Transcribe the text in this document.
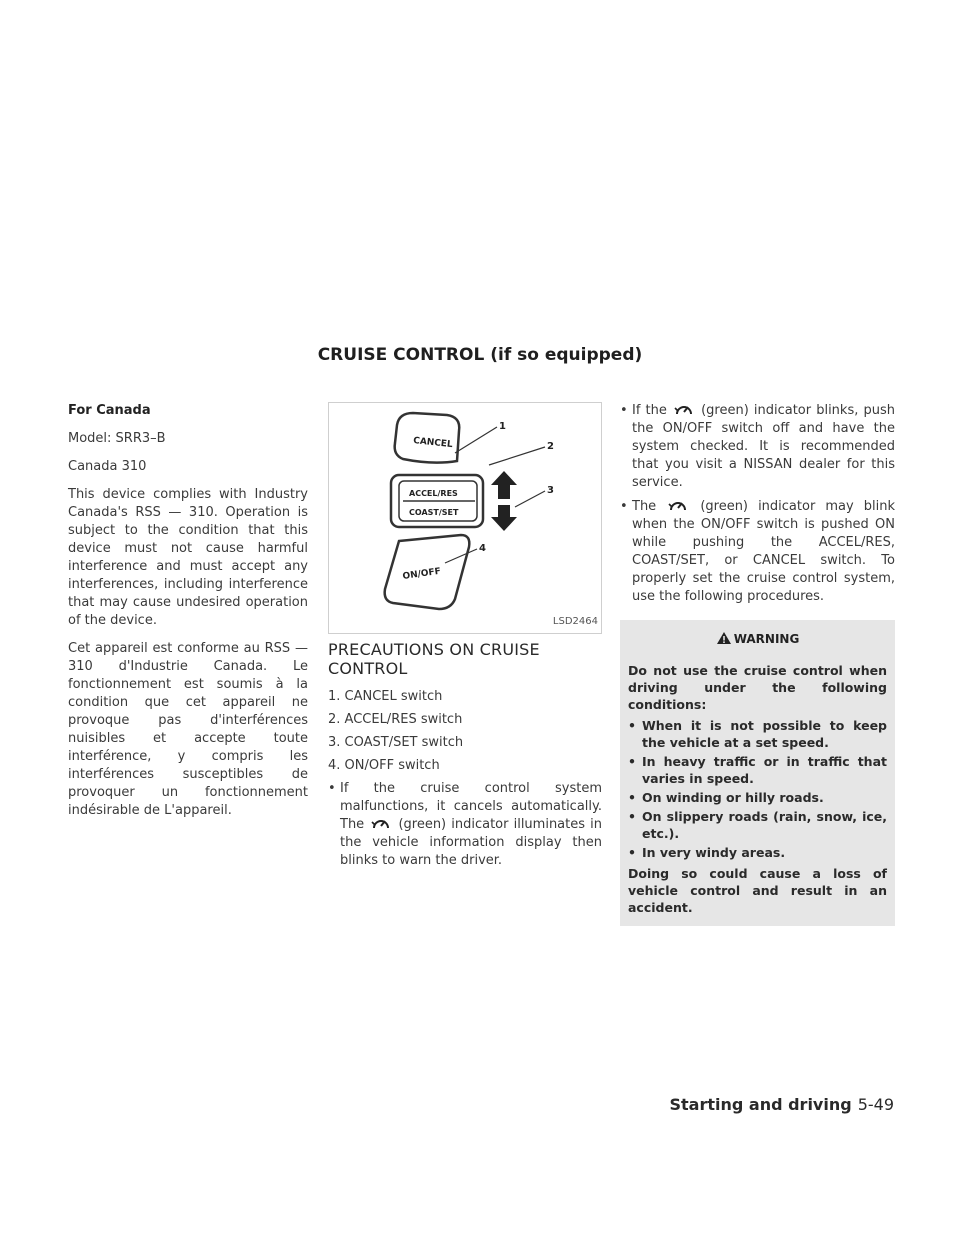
CRUISE CONTROL (if so equipped)

For Canada

Model: SRR3–B

Canada 310

This device complies with Industry Canada's RSS — 310. Operation is subject to the condition that this device must not cause harmful interference and must accept any interferences, including interference that may cause undesired operation of the device.

Cet appareil est conforme au RSS — 310 d'Industrie Canada. Le fonctionnement est soumis à la condition que cet appareil ne provoque pas d'interférences nuisibles et accepte toute interférence, y compris les interférences susceptibles de provoquer un fonctionnement indésirable de L'appareil.

CANCEL
ACCEL/RES
COAST/SET
ON/OFF
1
2
3
4
LSD2464
PRECAUTIONS ON CRUISE CONTROL

1. CANCEL switch

2. ACCEL/RES switch

3. COAST/SET switch

4. ON/OFF switch

• If the cruise control system malfunctions, it cancels automatically. The	(green) indicator illuminates in the vehicle information display then blinks to warn the driver.
• If the	(green) indicator blinks, push the ON/OFF switch off and have the system checked. It is recommended that you visit a NISSAN dealer for this service.
• The	(green) indicator may blink when the ON/OFF switch is pushed ON while pushing the ACCEL/RES, COAST/SET, or CANCEL switch. To properly set the cruise control system, use the following procedures.
WARNING

Do not use the cruise control when driving under the following conditions:

• When it is not possible to keep the vehicle at a set speed.
• In heavy traffic or in traffic that varies in speed.
• On winding or hilly roads.
• On slippery roads (rain, snow, ice, etc.).
• In very windy areas.

Doing so could cause a loss of vehicle control and result in an accident.

Starting and driving 5-49
